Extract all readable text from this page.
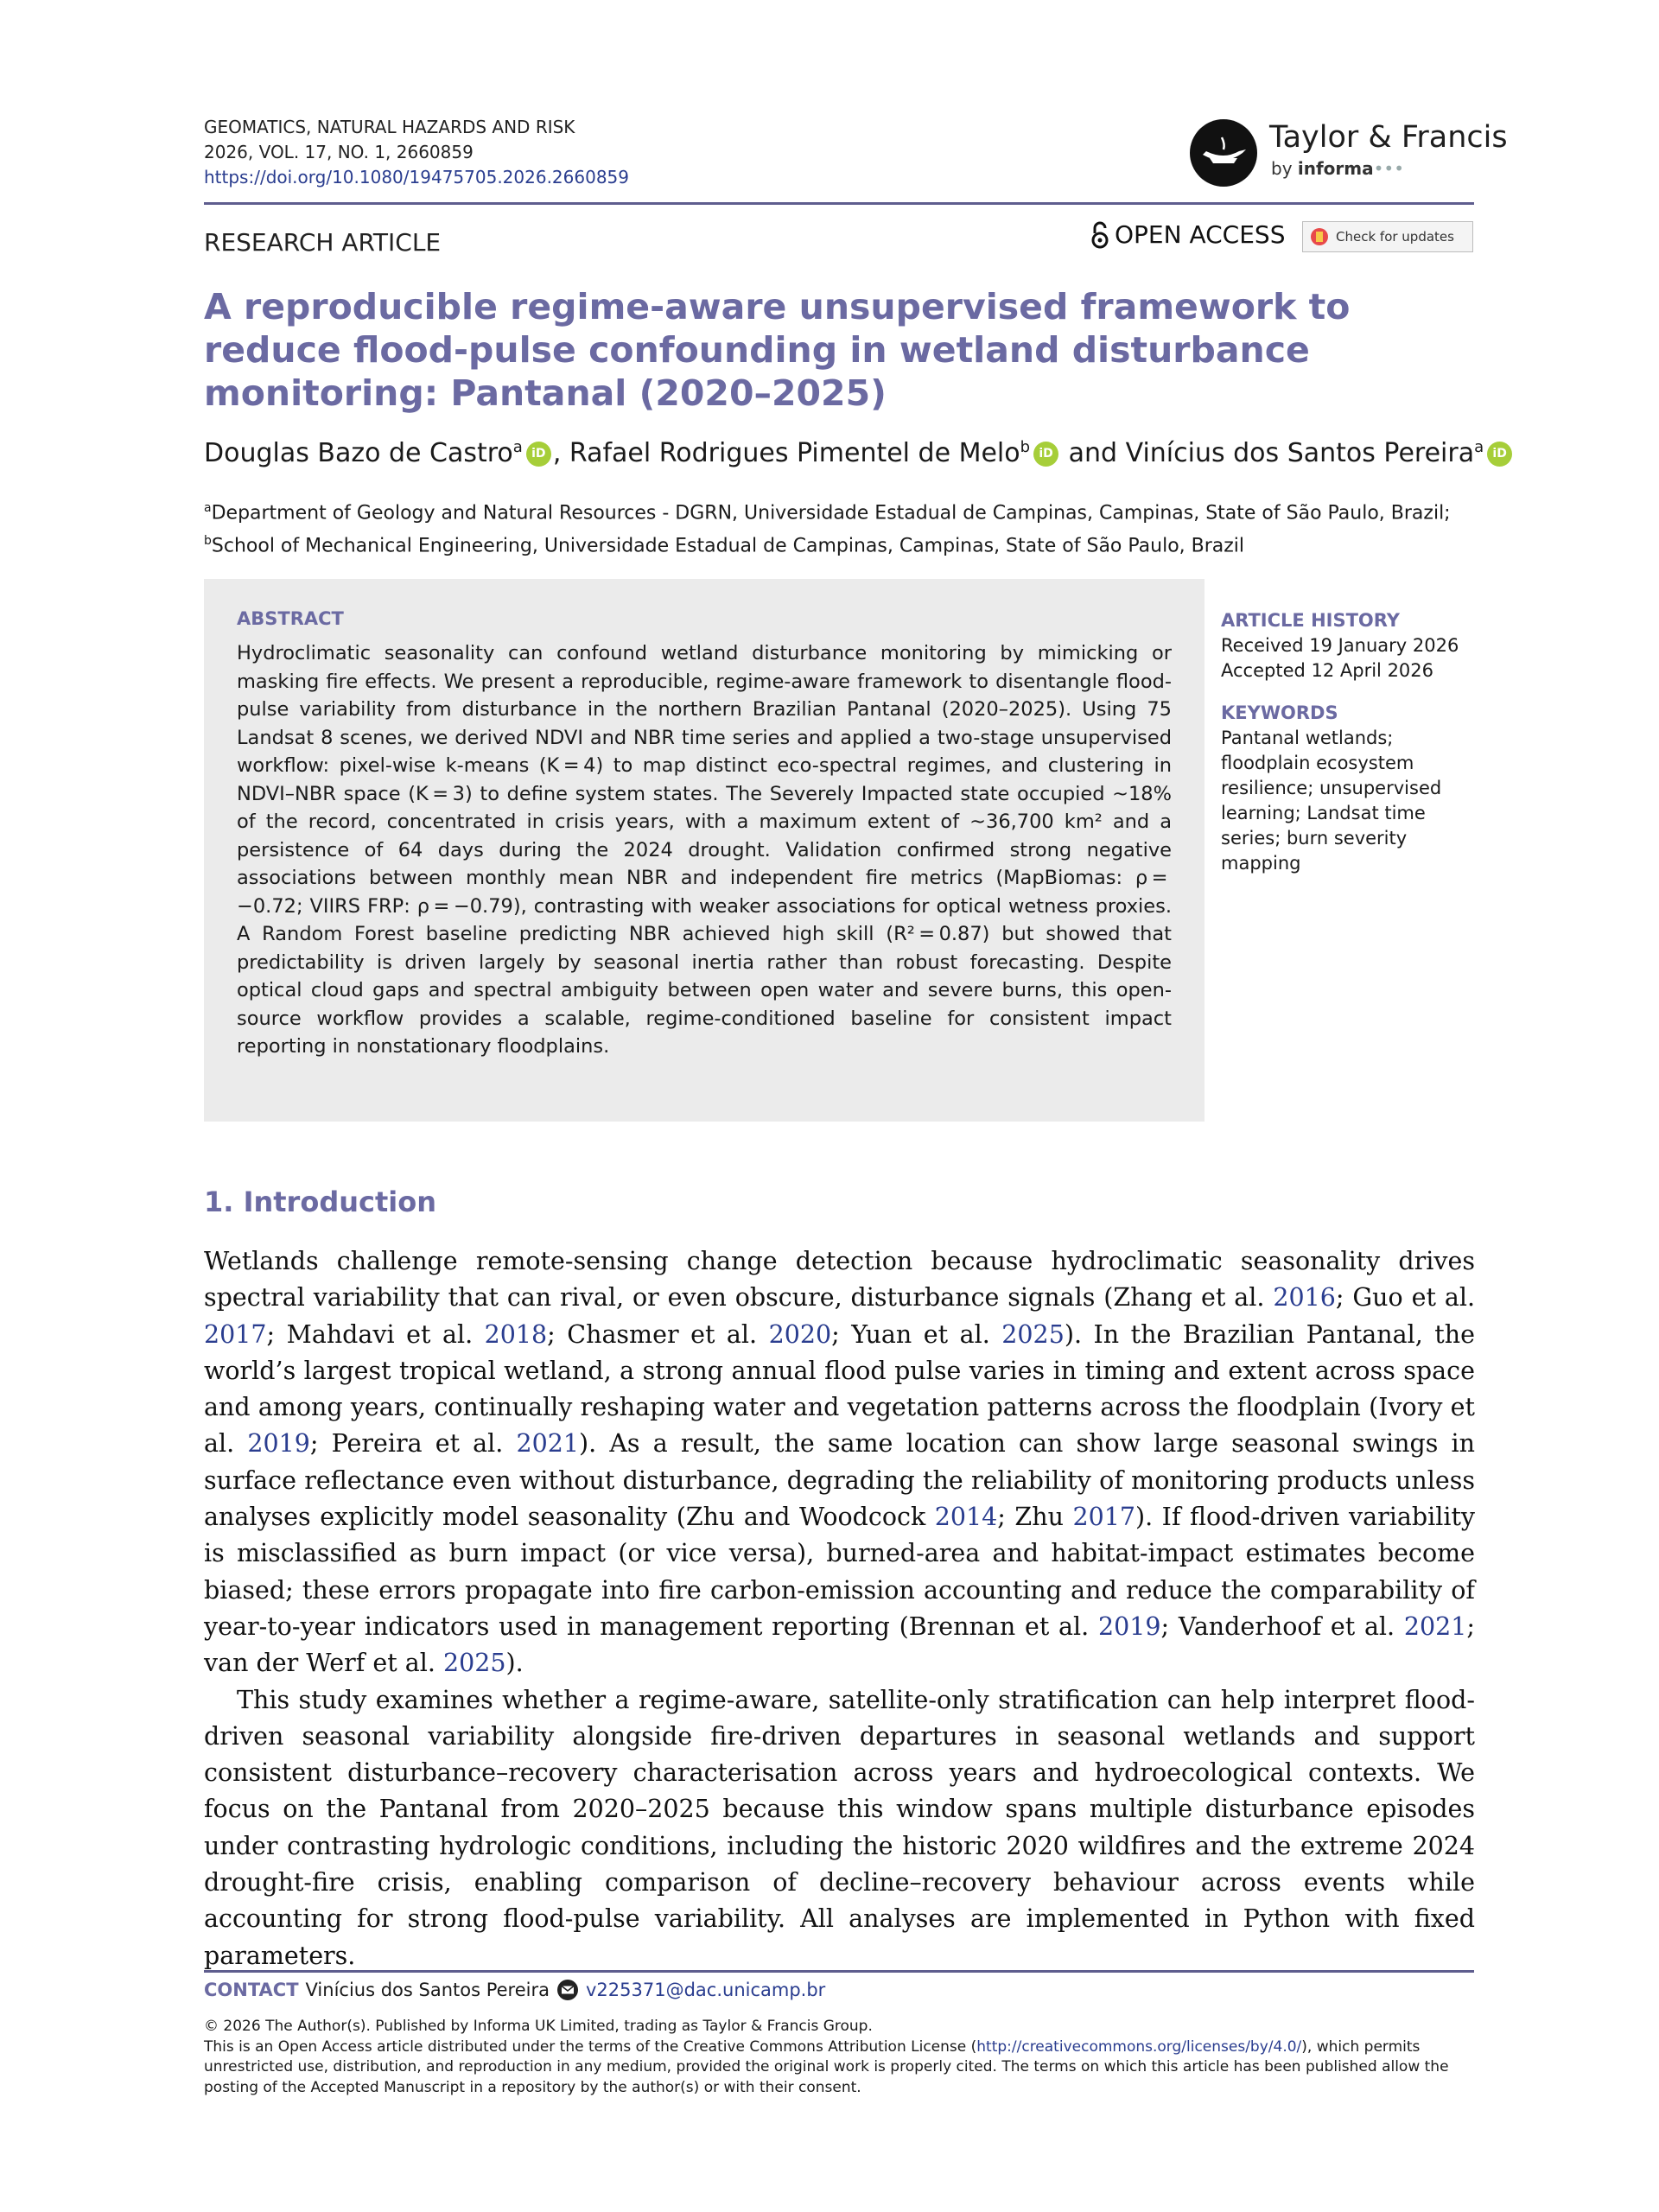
GEOMATICS, NATURAL HAZARDS AND RISK
2026, VOL. 17, NO. 1, 2660859
https://doi.org/10.1080/19475705.2026.2660859
Taylor & Francis
by informa•••
RESEARCH ARTICLE	OPEN ACCESS	Check for updates
A reproducible regime-aware unsupervised framework to reduce flood-pulse confounding in wetland disturbance monitoring: Pantanal (2020–2025)
Douglas Bazo de Castro$^a$ iD , Rafael Rodrigues Pimentel de Melo$^b$ iD and Vinícius dos Santos Pereira$^a$ iD
$^a$Department of Geology and Natural Resources - DGRN, Universidade Estadual de Campinas, Campinas, State of São Paulo, Brazil;
$^b$School of Mechanical Engineering, Universidade Estadual de Campinas, Campinas, State of São Paulo, Brazil
ABSTRACT

Hydroclimatic seasonality can confound wetland disturbance monitoring by mimicking or masking fire effects. We present a reproducible, regime-aware framework to disentangle flood-pulse variability from disturbance in the northern Brazilian Pantanal (2020–2025). Using 75 Landsat 8 scenes, we derived NDVI and NBR time series and applied a two-stage unsupervised workflow: pixel-wise k-means (K = 4) to map distinct eco-spectral regimes, and clustering in NDVI–NBR space (K = 3) to define system states. The Severely Impacted state occupied ~18% of the record, concentrated in crisis years, with a maximum extent of ~36,700 km² and a persistence of 64 days during the 2024 drought. Validation confirmed strong negative associations between monthly mean NBR and independent fire metrics (MapBiomas: ρ = −0.72; VIIRS FRP: ρ = −0.79), contrasting with weaker associations for optical wetness proxies. A Random Forest baseline predicting NBR achieved high skill (R² = 0.87) but showed that predictability is driven largely by seasonal inertia rather than robust forecasting. Despite optical cloud gaps and spectral ambiguity between open water and severe burns, this open-source workflow provides a scalable, regime-conditioned baseline for consistent impact reporting in nonstationary floodplains.

ARTICLE HISTORY
Received 19 January 2026
Accepted 12 April 2026
KEYWORDS
Pantanal wetlands; floodplain ecosystem resilience; unsupervised learning; Landsat time series; burn severity mapping
1. Introduction

Wetlands challenge remote-sensing change detection because hydroclimatic seasonality drives spectral variability that can rival, or even obscure, disturbance signals (Zhang et al. 2016; Guo et al. 2017; Mahdavi et al. 2018; Chasmer et al. 2020; Yuan et al. 2025). In the Brazilian Pantanal, the world’s largest tropical wetland, a strong annual flood pulse varies in timing and extent across space and among years, continually reshaping water and vegetation patterns across the floodplain (Ivory et al. 2019; Pereira et al. 2021). As a result, the same location can show large seasonal swings in surface reflectance even without disturbance, degrading the reliability of monitoring products unless analyses explicitly model seasonality (Zhu and Woodcock 2014; Zhu 2017). If flood-driven variability is misclassified as burn impact (or vice versa), burned-area and habitat-impact estimates become biased; these errors propagate into fire carbon-emission accounting and reduce the comparability of year-to-year indicators used in management reporting (Brennan et al. 2019; Vanderhoof et al. 2021; van der Werf et al. 2025).

This study examines whether a regime-aware, satellite-only stratification can help interpret flood-driven seasonal variability alongside fire-driven departures in seasonal wetlands and support consistent disturbance–recovery characterisation across years and hydroecological contexts. We focus on the Pantanal from 2020–2025 because this window spans multiple disturbance episodes under contrasting hydrologic conditions, including the historic 2020 wildfires and the extreme 2024 drought-fire crisis, enabling comparison of decline–recovery behaviour across events while accounting for strong flood-pulse variability. All analyses are implemented in Python with fixed parameters.

CONTACT Vinícius dos Santos Pereira v225371@dac.unicamp.br

© 2026 The Author(s). Published by Informa UK Limited, trading as Taylor & Francis Group.

This is an Open Access article distributed under the terms of the Creative Commons Attribution License (http://creativecommons.org/licenses/by/4.0/), which permits unrestricted use, distribution, and reproduction in any medium, provided the original work is properly cited. The terms on which this article has been published allow the posting of the Accepted Manuscript in a repository by the author(s) or with their consent.
